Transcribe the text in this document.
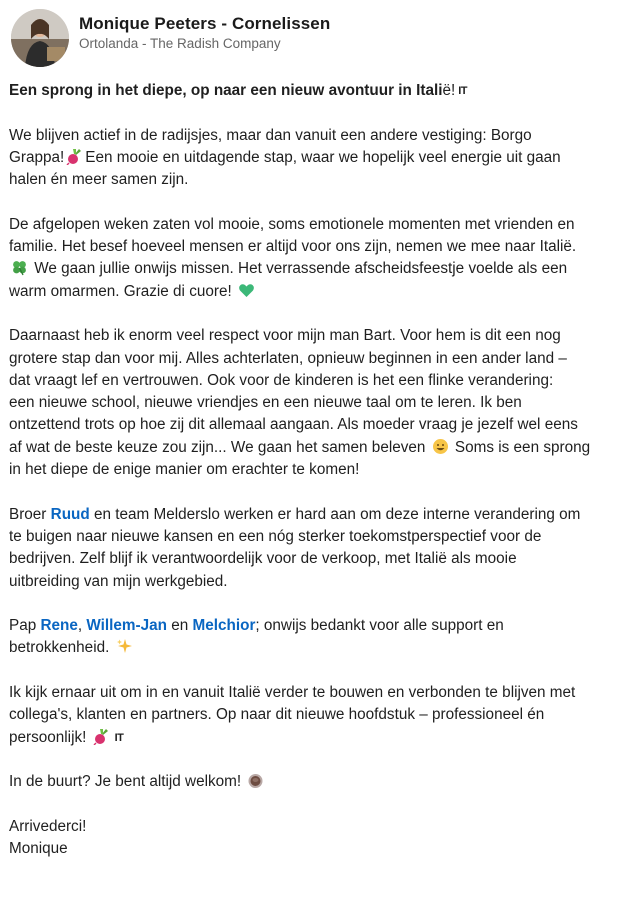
Monique Peeters - Cornelissen
Ortolanda - The Radish Company

Een sprong in het diepe, op naar een nieuw avontuur in Italië! IT

We blijven actief in de radijsjes, maar dan vanuit een andere vestiging: Borgo
Grappa! Een mooie en uitdagende stap, waar we hopelijk veel energie uit gaan
halen én meer samen zijn.

De afgelopen weken zaten vol mooie, soms emotionele momenten met vrienden en
familie. Het besef hoeveel mensen er altijd voor ons zijn, nemen we mee naar Italië.

We gaan jullie onwijs missen. Het verrassende afscheidsfeestje voelde als een
warm omarmen. Grazie di cuore!

Daarnaast heb ik enorm veel respect voor mijn man Bart. Voor hem is dit een nog
grotere stap dan voor mij. Alles achterlaten, opnieuw beginnen in een ander land –
dat vraagt lef en vertrouwen. Ook voor de kinderen is het een flinke verandering:
een nieuwe school, nieuwe vriendjes en een nieuwe taal om te leren. Ik ben
ontzettend trots op hoe zij dit allemaal aangaan. Als moeder vraag je jezelf wel eens
af wat de beste keuze zou zijn... We gaan het samen beleven Soms is een sprong
in het diepe de enige manier om erachter te komen!

Broer Ruud en team Melderslo werken er hard aan om deze interne verandering om
te buigen naar nieuwe kansen en een nóg sterker toekomstperspectief voor de
bedrijven. Zelf blijf ik verantwoordelijk voor de verkoop, met Italië als mooie
uitbreiding van mijn werkgebied.

Pap Rene, Willem-Jan en Melchior; onwijs bedankt voor alle support en
betrokkenheid.

Ik kijk ernaar uit om in en vanuit Italië verder te bouwen en verbonden te blijven met
collega's, klanten en partners. Op naar dit nieuwe hoofdstuk – professioneel én
persoonlijk!	IT

In de buurt? Je bent altijd welkom!

Arrivederci!
Monique
